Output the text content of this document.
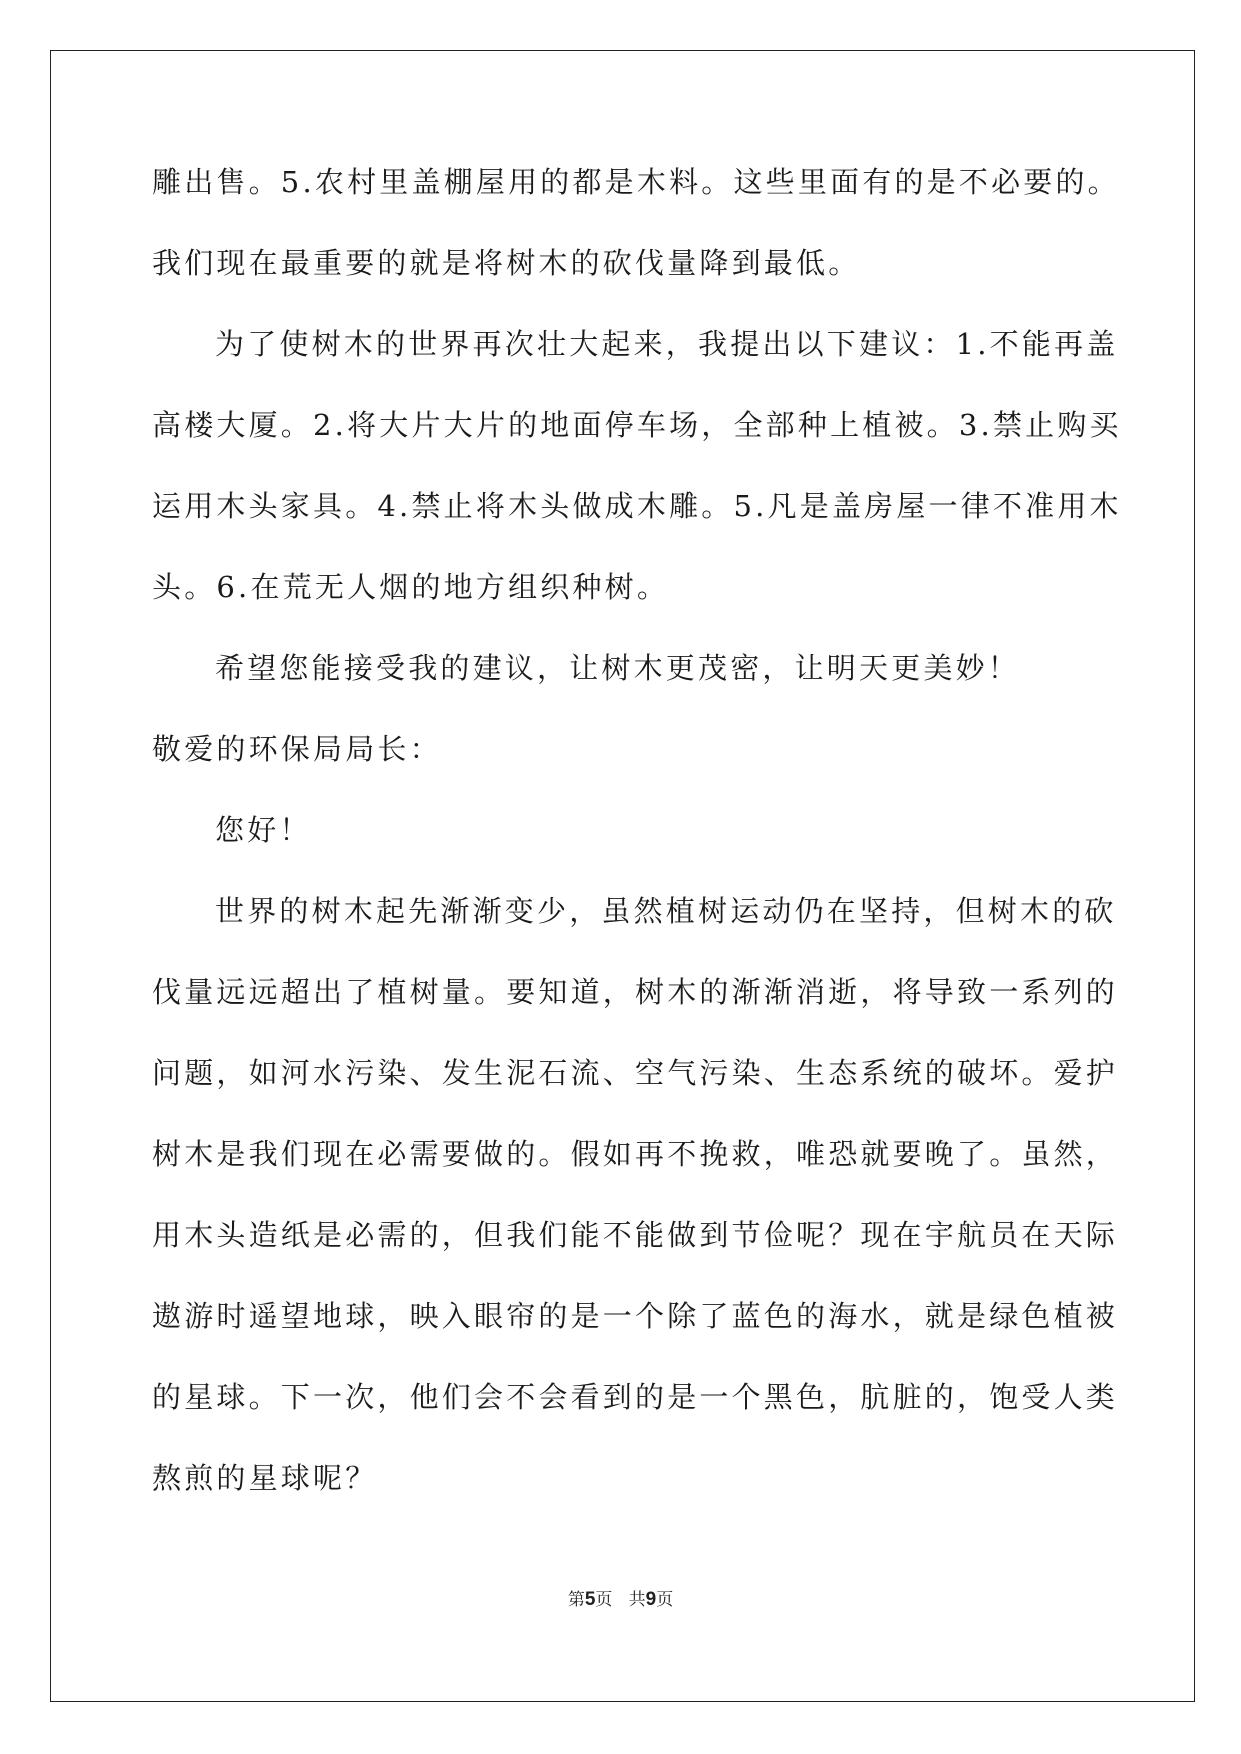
雕出售。5.农村里盖棚屋用的都是木料。这些里面有的是不必要的。
我们现在最重要的就是将树木的砍伐量降到最低。
为了使树木的世界再次壮大起来，我提出以下建议：1.不能再盖
高楼大厦。2.将大片大片的地面停车场，全部种上植被。3.禁止购买
运用木头家具。4.禁止将木头做成木雕。5.凡是盖房屋一律不准用木
头。6.在荒无人烟的地方组织种树。
希望您能接受我的建议，让树木更茂密，让明天更美妙！
敬爱的环保局局长：
您好！
世界的树木起先渐渐变少，虽然植树运动仍在坚持，但树木的砍
伐量远远超出了植树量。要知道，树木的渐渐消逝，将导致一系列的
问题，如河水污染、发生泥石流、空气污染、生态系统的破坏。爱护
树木是我们现在必需要做的。假如再不挽救，唯恐就要晚了。虽然，
用木头造纸是必需的，但我们能不能做到节俭呢？现在宇航员在天际
遨游时遥望地球，映入眼帘的是一个除了蓝色的海水，就是绿色植被
的星球。下一次，他们会不会看到的是一个黑色，肮脏的，饱受人类
熬煎的星球呢？
第5页   共9页
